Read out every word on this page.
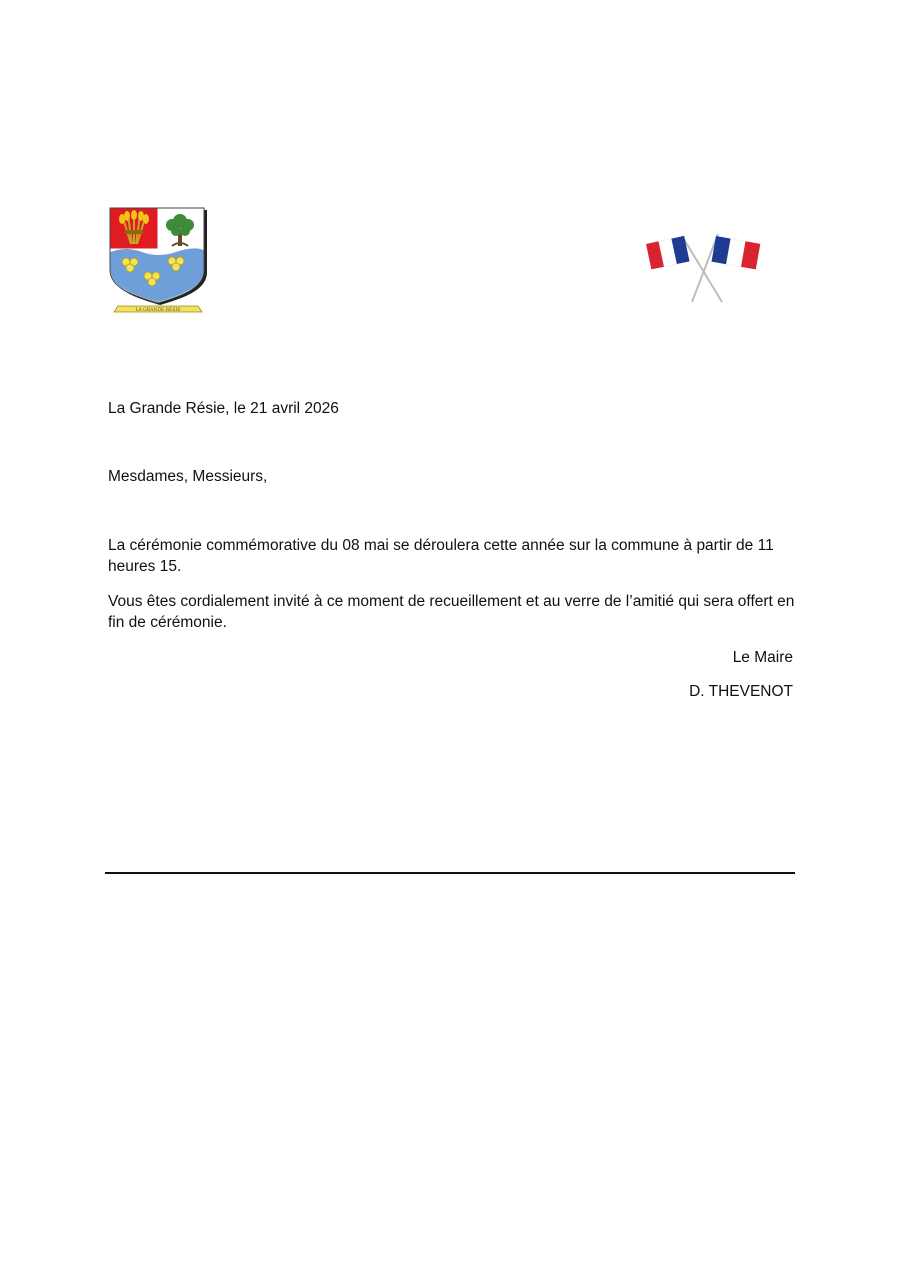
LA GRANDE RÉSIE

La Grande Résie, le 21 avril 2026

Mesdames, Messieurs,

La cérémonie commémorative du 08 mai se déroulera cette année sur la commune à partir de 11 heures 15.

Vous êtes cordialement invité à ce moment de recueillement et au verre de l’amitié qui sera offert en fin de cérémonie.

Le Maire

D. THEVENOT
